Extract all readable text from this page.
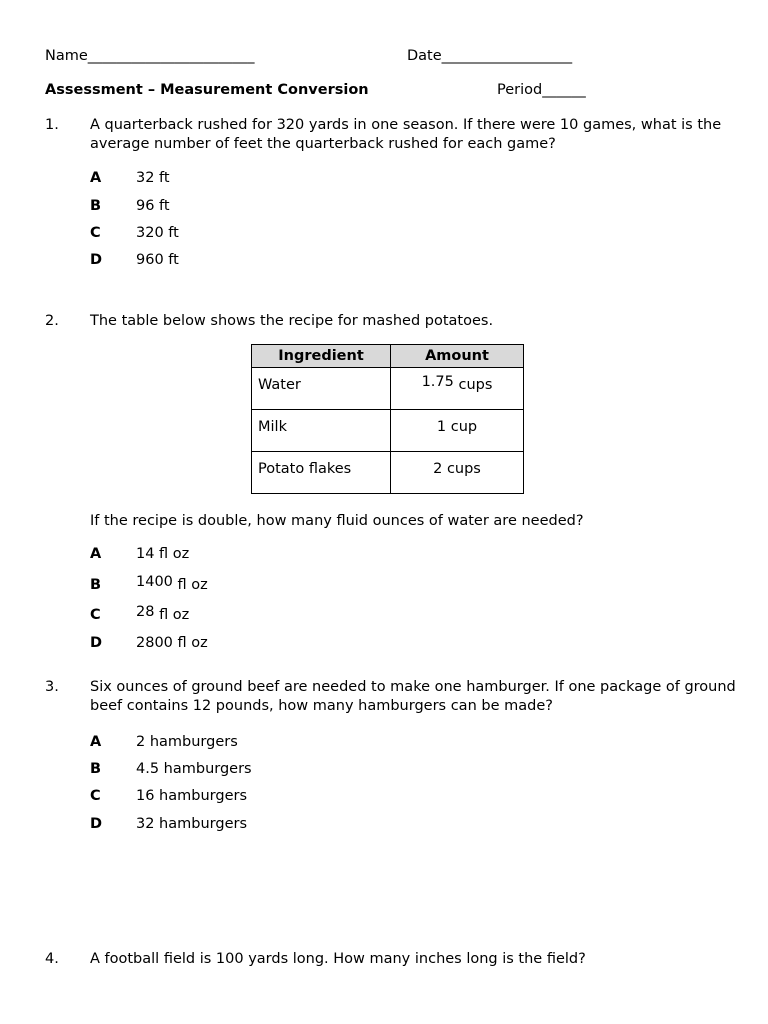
Name_______________________	Date__________________
Assessment – Measurement Conversion	Period______
1. A quarterback rushed for 320 yards in one season. If there were 10 games, what is the average number of feet the quarterback rushed for each game?
A 32 ft
B 96 ft
C 320 ft
D 960 ft
2. The table below shows the recipe for mashed potatoes.
Ingredient	Amount
Water	1.75 cups
Milk	1 cup
Potato flakes	2 cups
If the recipe is double, how many fluid ounces of water are needed?
A 14 fl oz
B 1400 fl oz
C 28 fl oz
D 2800 fl oz
3. Six ounces of ground beef are needed to make one hamburger. If one package of ground beef contains 12 pounds, how many hamburgers can be made?
A 2 hamburgers
B 4.5 hamburgers
C 16 hamburgers
D 32 hamburgers
4. A football field is 100 yards long. How many inches long is the field?
